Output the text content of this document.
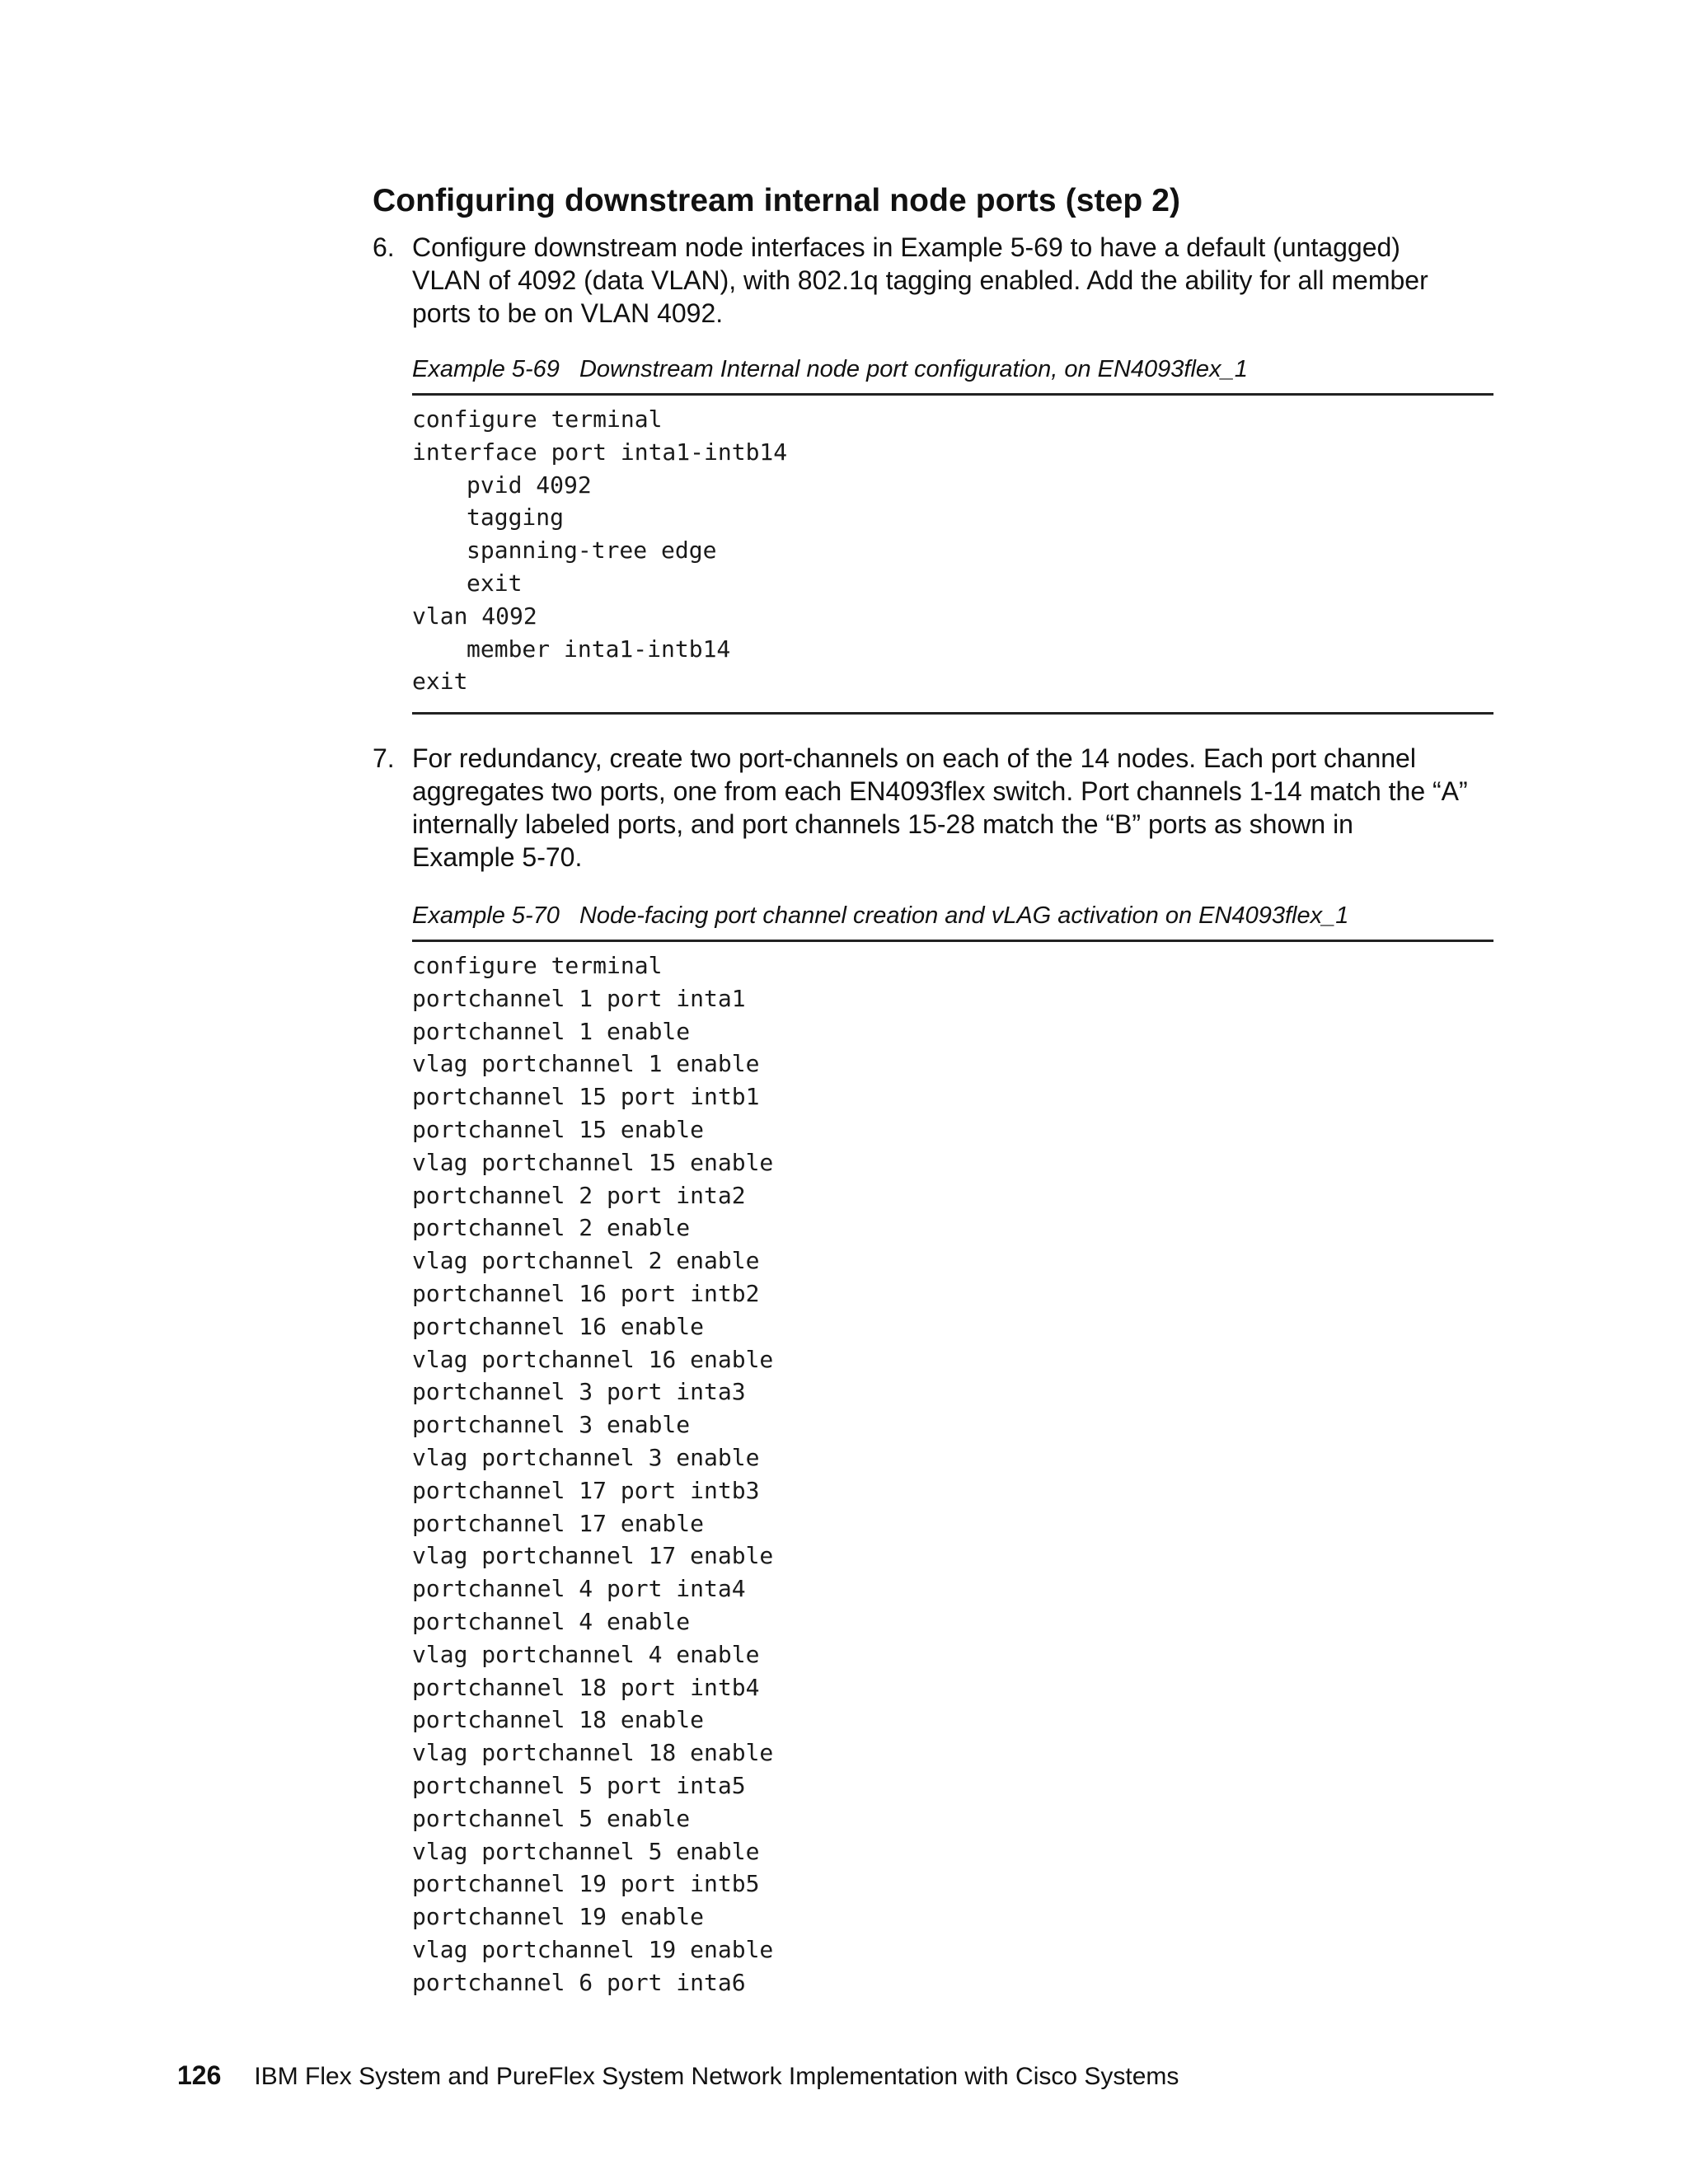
Configuring downstream internal node ports (step 2)
6. Configure downstream node interfaces in Example 5-69 to have a default (untagged)
VLAN of 4092 (data VLAN), with 802.1q tagging enabled. Add the ability for all member
ports to be on VLAN 4092.
Example 5-69 Downstream Internal node port configuration, on EN4093flex_1
configure terminal
interface port inta1-intb14
pvid 4092
tagging
spanning-tree edge
exit
vlan 4092
member inta1-intb14
exit
7. For redundancy, create two port-channels on each of the 14 nodes. Each port channel
aggregates two ports, one from each EN4093flex switch. Port channels 1-14 match the “A”
internally labeled ports, and port channels 15-28 match the “B” ports as shown in
Example 5-70.
Example 5-70 Node-facing port channel creation and vLAG activation on EN4093flex_1
configure terminal
portchannel 1 port inta1
portchannel 1 enable
vlag portchannel 1 enable
portchannel 15 port intb1
portchannel 15 enable
vlag portchannel 15 enable
portchannel 2 port inta2
portchannel 2 enable
vlag portchannel 2 enable
portchannel 16 port intb2
portchannel 16 enable
vlag portchannel 16 enable
portchannel 3 port inta3
portchannel 3 enable
vlag portchannel 3 enable
portchannel 17 port intb3
portchannel 17 enable
vlag portchannel 17 enable
portchannel 4 port inta4
portchannel 4 enable
vlag portchannel 4 enable
portchannel 18 port intb4
portchannel 18 enable
vlag portchannel 18 enable
portchannel 5 port inta5
portchannel 5 enable
vlag portchannel 5 enable
portchannel 19 port intb5
portchannel 19 enable
vlag portchannel 19 enable
portchannel 6 port inta6
126 IBM Flex System and PureFlex System Network Implementation with Cisco Systems
